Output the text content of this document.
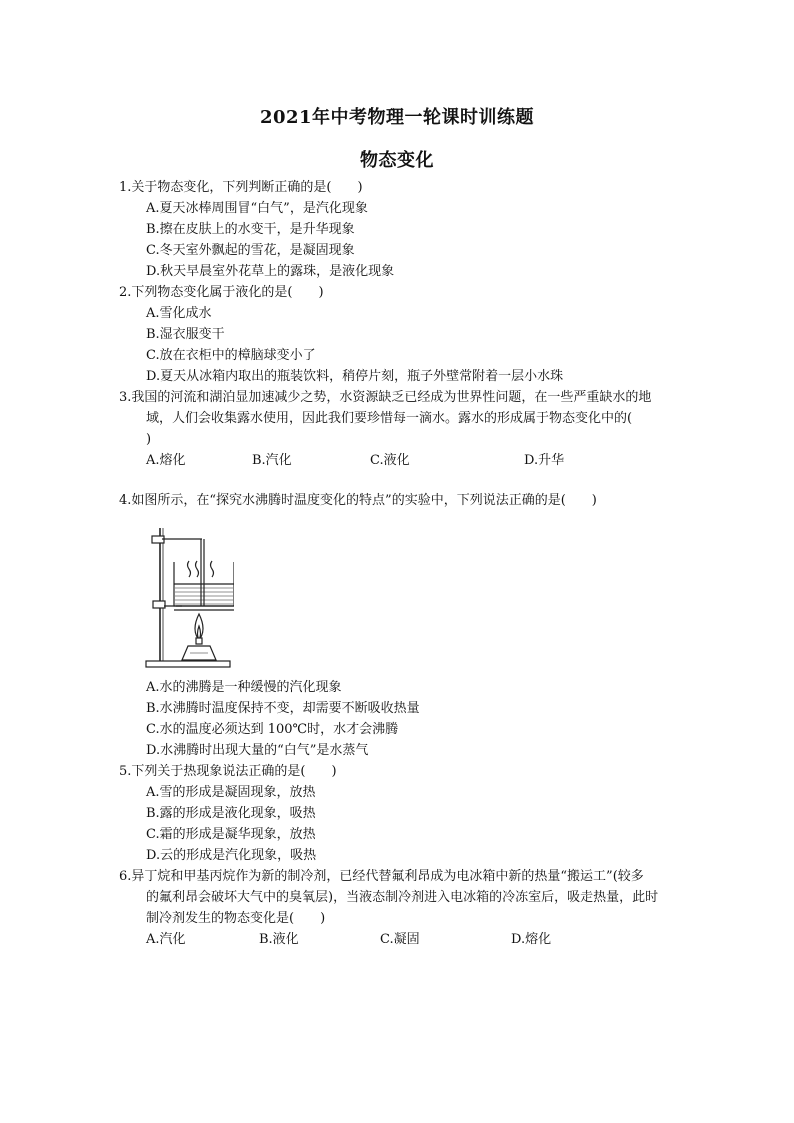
2021年中考物理一轮课时训练题
物态变化
1.关于物态变化，下列判断正确的是(　　)
A.夏天冰棒周围冒“白气”，是汽化现象
B.擦在皮肤上的水变干，是升华现象
C.冬天室外飘起的雪花，是凝固现象
D.秋天早晨室外花草上的露珠，是液化现象
2.下列物态变化属于液化的是(　　)
A.雪化成水
B.湿衣服变干
C.放在衣柜中的樟脑球变小了
D.夏天从冰箱内取出的瓶装饮料，稍停片刻，瓶子外壁常附着一层小水珠
3.我国的河流和湖泊显加速减少之势，水资源缺乏已经成为世界性问题，在一些严重缺水的地
域，人们会收集露水使用，因此我们要珍惜每一滴水。露水的形成属于物态变化中的(
)
A.熔化	B.汽化	C.液化	D.升华
4.如图所示，在“探究水沸腾时温度变化的特点”的实验中，下列说法正确的是(　　)
A.水的沸腾是一种缓慢的汽化现象
B.水沸腾时温度保持不变，却需要不断吸收热量
C.水的温度必须达到 100℃时，水才会沸腾
D.水沸腾时出现大量的“白气”是水蒸气
5.下列关于热现象说法正确的是(　　)
A.雪的形成是凝固现象，放热
B.露的形成是液化现象，吸热
C.霜的形成是凝华现象，放热
D.云的形成是汽化现象，吸热
6.异丁烷和甲基丙烷作为新的制冷剂，已经代替氟利昂成为电冰箱中新的热量“搬运工”(较多
的氟利昂会破坏大气中的臭氧层)，当液态制冷剂进入电冰箱的冷冻室后，吸走热量，此时
制冷剂发生的物态变化是(　　)
A.汽化	B.液化	C.凝固	D.熔化
